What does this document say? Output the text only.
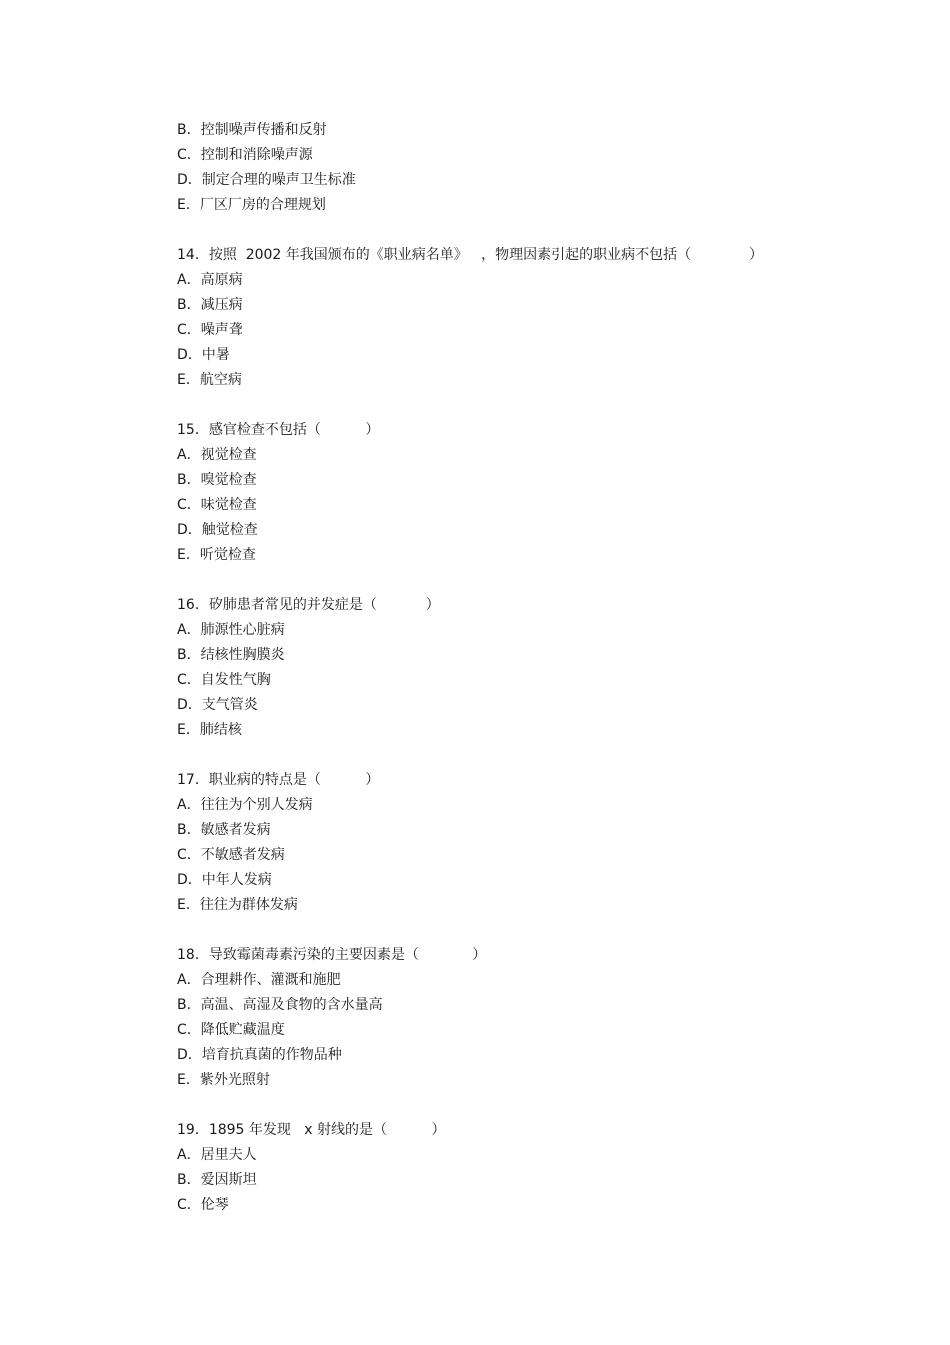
B．控制噪声传播和反射
C．控制和消除噪声源
D．制定合理的噪声卫生标准
E．厂区厂房的合理规划
14．按照  2002 年我国颁布的《职业病名单》   ，物理因素引起的职业病不包括（             ）
A．高原病
B．减压病
C．噪声聋
D．中暑
E．航空病
15．感官检查不包括（          ）
A．视觉检查
B．嗅觉检查
C．味觉检查
D．触觉检查
E．听觉检查
16．矽肺患者常见的并发症是（           ）
A．肺源性心脏病
B．结核性胸膜炎
C．自发性气胸
D．支气管炎
E．肺结核
17．职业病的特点是（          ）
A．往往为个别人发病
B．敏感者发病
C．不敏感者发病
D．中年人发病
E．往往为群体发病
18．导致霉菌毒素污染的主要因素是（            ）
A．合理耕作、灌溉和施肥
B．高温、高湿及食物的含水量高
C．降低贮藏温度
D．培育抗真菌的作物品种
E．紫外光照射
19．1895 年发现   x 射线的是（          ）
A．居里夫人
B．爱因斯坦
C．伦琴
